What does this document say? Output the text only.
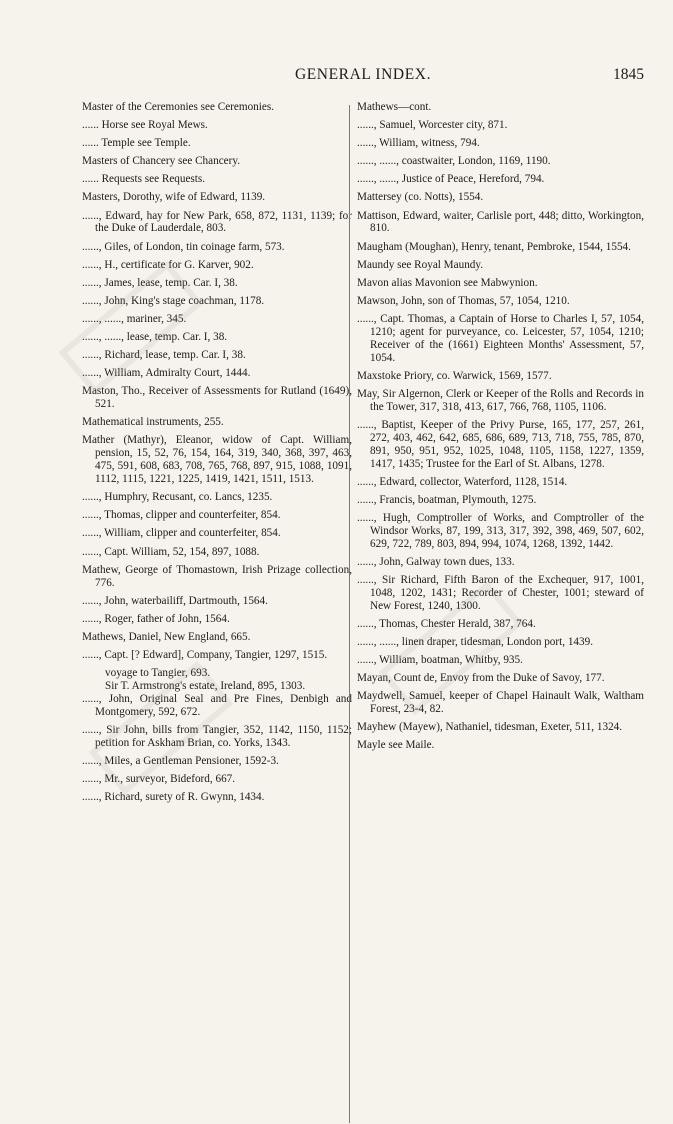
GENERAL INDEX.	1845
Master of the Ceremonies see Ceremonies.
...... Horse see Royal Mews.
...... Temple see Temple.
Masters of Chancery see Chancery.
...... Requests see Requests.
Masters, Dorothy, wife of Edward, 1139.
......, Edward, hay for New Park, 658, 872, 1131, 1139; for the Duke of Lauderdale, 803.
......, Giles, of London, tin coinage farm, 573.
......, H., certificate for G. Karver, 902.
......, James, lease, temp. Car. I, 38.
......, John, King's stage coachman, 1178.
......, ......, mariner, 345.
......, ......, lease, temp. Car. I, 38.
......, Richard, lease, temp. Car. I, 38.
......, William, Admiralty Court, 1444.
Maston, Tho., Receiver of Assessments for Rutland (1649), 521.
Mathematical instruments, 255.
Mather (Mathyr), Eleanor, widow of Capt. William, pension, 15, 52, 76, 154, 164, 319, 340, 368, 397, 463, 475, 591, 608, 683, 708, 765, 768, 897, 915, 1088, 1091, 1112, 1115, 1221, 1225, 1419, 1421, 1511, 1513.
......, Humphry, Recusant, co. Lancs, 1235.
......, Thomas, clipper and counterfeiter, 854.
......, William, clipper and counterfeiter, 854.
......, Capt. William, 52, 154, 897, 1088.
Mathew, George of Thomastown, Irish Prizage collection, 776.
......, John, waterbailiff, Dartmouth, 1564.
......, Roger, father of John, 1564.
Mathews, Daniel, New England, 665.
......, Capt. [? Edward], Company, Tangier, 1297, 1515.
voyage to Tangier, 693.
Sir T. Armstrong's estate, Ireland, 895, 1303.
......, John, Original Seal and Pre Fines, Denbigh and Montgomery, 592, 672.
......, Sir John, bills from Tangier, 352, 1142, 1150, 1152; petition for Askham Brian, co. Yorks, 1343.
......, Miles, a Gentleman Pensioner, 1592-3.
......, Mr., surveyor, Bideford, 667.
......, Richard, surety of R. Gwynn, 1434.
Mathews—cont.
......, Samuel, Worcester city, 871.
......, William, witness, 794.
......, ......, coastwaiter, London, 1169, 1190.
......, ......, Justice of Peace, Hereford, 794.
Mattersey (co. Notts), 1554.
Mattison, Edward, waiter, Carlisle port, 448; ditto, Workington, 810.
Maugham (Moughan), Henry, tenant, Pembroke, 1544, 1554.
Maundy see Royal Maundy.
Mavon alias Mavonion see Mabwynion.
Mawson, John, son of Thomas, 57, 1054, 1210.
......, Capt. Thomas, a Captain of Horse to Charles I, 57, 1054, 1210; agent for purveyance, co. Leicester, 57, 1054, 1210; Receiver of the (1661) Eighteen Months' Assessment, 57, 1054.
Maxstoke Priory, co. Warwick, 1569, 1577.
May, Sir Algernon, Clerk or Keeper of the Rolls and Records in the Tower, 317, 318, 413, 617, 766, 768, 1105, 1106.
......, Baptist, Keeper of the Privy Purse, 165, 177, 257, 261, 272, 403, 462, 642, 685, 686, 689, 713, 718, 755, 785, 870, 891, 950, 951, 952, 1025, 1048, 1105, 1158, 1227, 1359, 1417, 1435; Trustee for the Earl of St. Albans, 1278.
......, Edward, collector, Waterford, 1128, 1514.
......, Francis, boatman, Plymouth, 1275.
......, Hugh, Comptroller of Works, and Comptroller of the Windsor Works, 87, 199, 313, 317, 392, 398, 469, 507, 602, 629, 722, 789, 803, 894, 994, 1074, 1268, 1392, 1442.
......, John, Galway town dues, 133.
......, Sir Richard, Fifth Baron of the Exchequer, 917, 1001, 1048, 1202, 1431; Recorder of Chester, 1001; steward of New Forest, 1240, 1300.
......, Thomas, Chester Herald, 387, 764.
......, ......, linen draper, tidesman, London port, 1439.
......, William, boatman, Whitby, 935.
Mayan, Count de, Envoy from the Duke of Savoy, 177.
Maydwell, Samuel, keeper of Chapel Hainault Walk, Waltham Forest, 23-4, 82.
Mayhew (Mayew), Nathaniel, tidesman, Exeter, 511, 1324.
Mayle see Maile.
